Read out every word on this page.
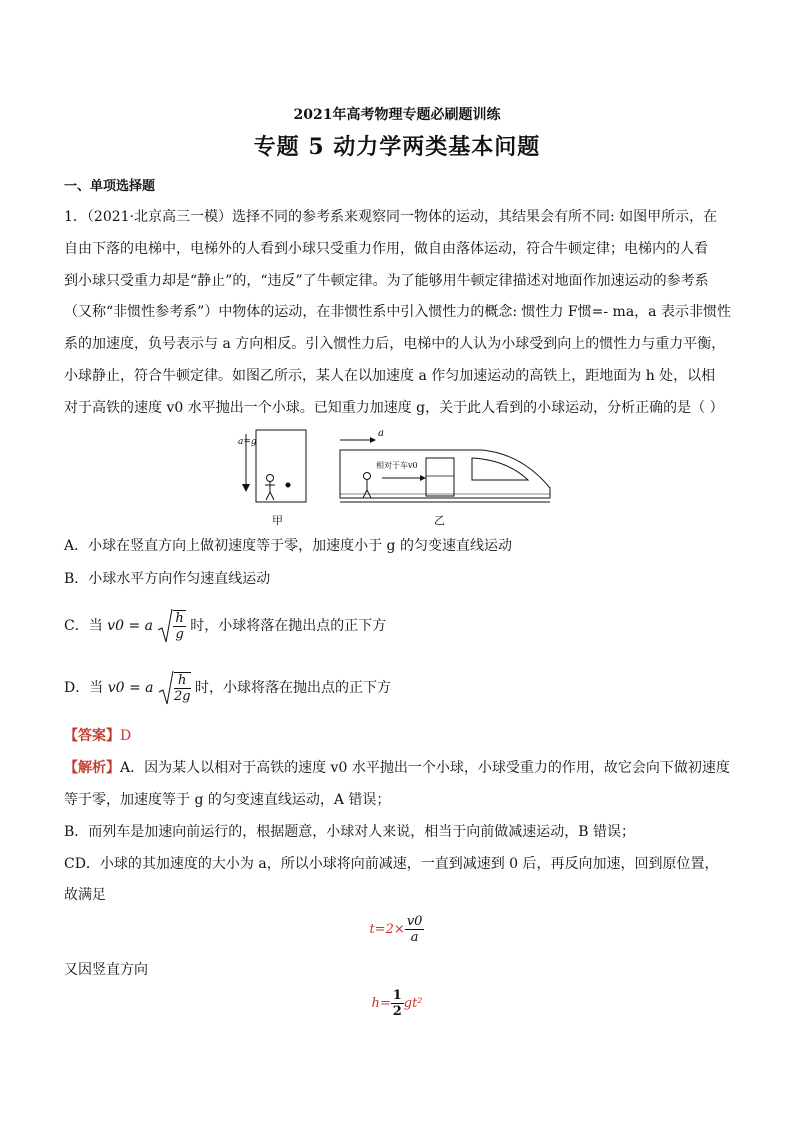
2021年高考物理专题必刷题训练
专题 5 动力学两类基本问题
一、单项选择题
1．（2021·北京高三一模）选择不同的参考系来观察同一物体的运动，其结果会有所不同: 如图甲所示，在
自由下落的电梯中，电梯外的人看到小球只受重力作用，做自由落体运动，符合牛顿定律；电梯内的人看
到小球只受重力却是“静止”的，“违反”了牛顿定律。为了能够用牛顿定律描述对地面作加速运动的参考系
（又称“非惯性参考系”）中物体的运动，在非惯性系中引入惯性力的概念: 惯性力 F惯=- ma，a 表示非惯性
系的加速度，负号表示与 a 方向相反。引入惯性力后，电梯中的人认为小球受到向上的惯性力与重力平衡，
小球静止，符合牛顿定律。如图乙所示，某人在以加速度 a 作匀加速运动的高铁上，距地面为 h 处，以相
对于高铁的速度 v0 水平抛出一个小球。已知重力加速度 g，关于此人看到的小球运动，分析正确的是（ ）
a=g
a
相对于车v0
甲	乙
A．小球在竖直方向上做初速度等于零，加速度小于 g 的匀变速直线运动
B．小球水平方向作匀速直线运动
C．当 v0 = a $\frac{h}{g}$ 时，小球将落在抛出点的正下方
D．当 v0 = a $\frac{h}{2g}$ 时，小球将落在抛出点的正下方
【答案】D
【解析】A．因为某人以相对于高铁的速度 v0 水平抛出一个小球，小球受重力的作用，故它会向下做初速度
等于零，加速度等于 g 的匀变速直线运动，A 错误；
B．而列车是加速向前运行的，根据题意，小球对人来说，相当于向前做减速运动，B 错误；
CD．小球的其加速度的大小为 a，所以小球将向前减速，一直到减速到 0 后，再反向加速，回到原位置，
故满足
$t=2\times \frac{v0}{a}$
又因竖直方向
$h= \frac{1}{2} gt^2$
